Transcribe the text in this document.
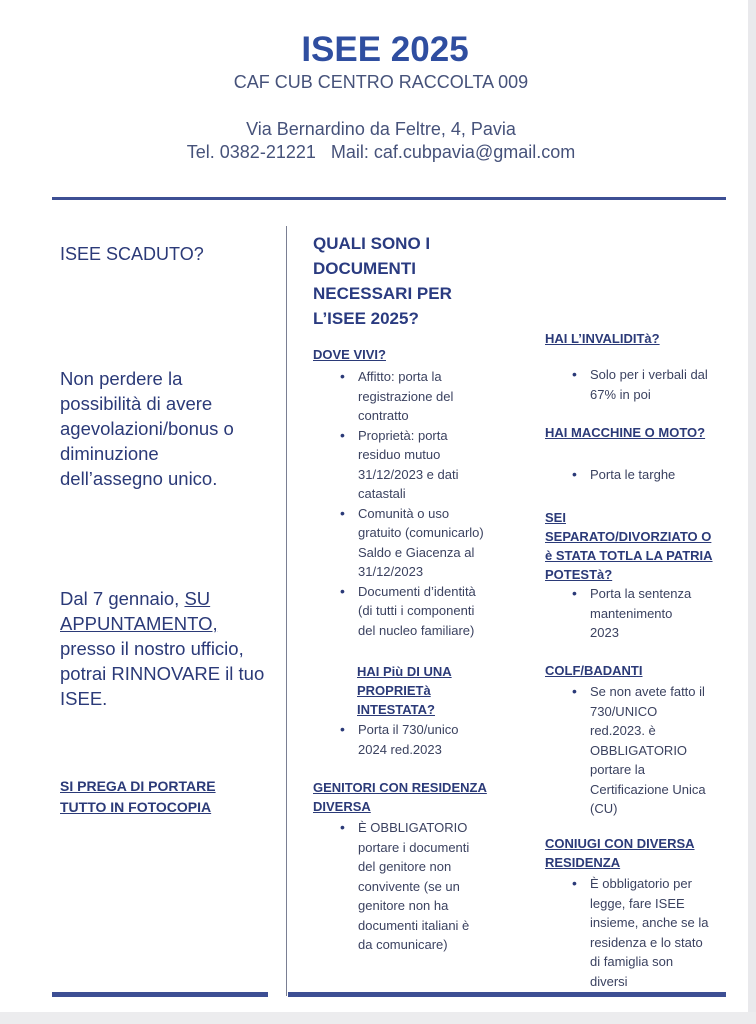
ISEE 2025
CAF CUB CENTRO RACCOLTA 009
Via Bernardino da Feltre, 4, Pavia
Tel. 0382-21221   Mail: caf.cubpavia@gmail.com
ISEE SCADUTO?
Non perdere la
possibilità di avere
agevolazioni/bonus o
diminuzione
dell’assegno unico.
Dal 7 gennaio, SU
APPUNTAMENTO,
presso il nostro ufficio,
potrai RINNOVARE il tuo
ISEE.
SI PREGA DI PORTARE
TUTTO IN FOTOCOPIA
QUALI SONO I
DOCUMENTI
NECESSARI PER
L’ISEE 2025?
DOVE VIVI?
• Affitto: porta la
registrazione del
contratto
• Proprietà: porta
residuo mutuo
31/12/2023 e dati
catastali
• Comunità o uso
gratuito (comunicarlo)
Saldo e Giacenza al
31/12/2023
• Documenti d’identità
(di tutti i componenti
del nucleo familiare)
HAI Più DI UNA
PROPRIETà
INTESTATA?
• Porta il 730/unico
2024 red.2023
GENITORI CON RESIDENZA
DIVERSA
• È OBBLIGATORIO
portare i documenti
del genitore non
convivente (se un
genitore non ha
documenti italiani è
da comunicare)
HAI L’INVALIDITà?
• Solo per i verbali dal
67% in poi
HAI MACCHINE O MOTO?
• Porta le targhe
SEI
SEPARATO/DIVORZIATO O
è STATA TOTLA LA PATRIA
POTESTà?
• Porta la sentenza
mantenimento
2023
COLF/BADANTI
• Se non avete fatto il
730/UNICO
red.2023. è
OBBLIGATORIO
portare la
Certificazione Unica
(CU)
CONIUGI CON DIVERSA
RESIDENZA
• È obbligatorio per
legge, fare ISEE
insieme, anche se la
residenza e lo stato
di famiglia son
diversi
